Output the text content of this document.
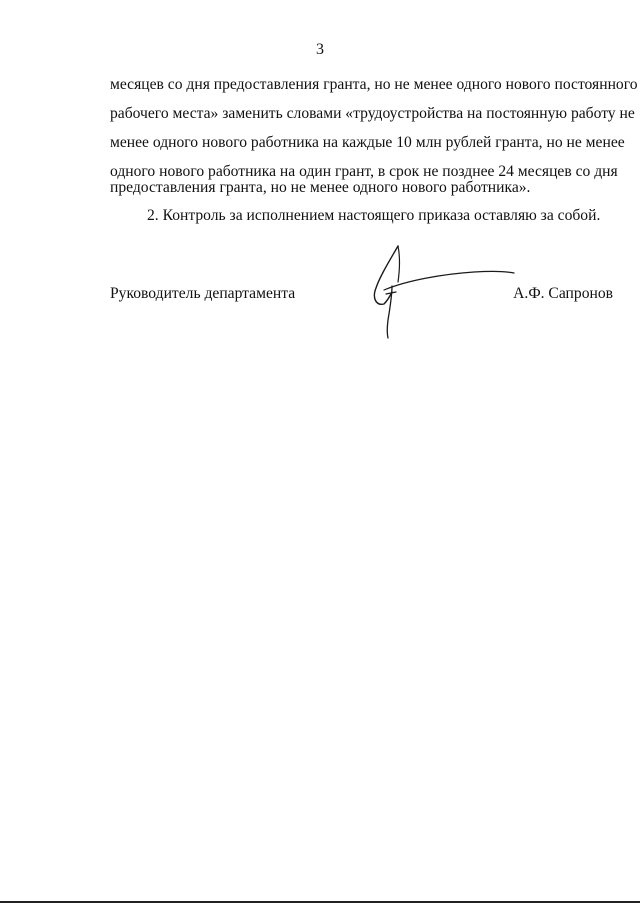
3
месяцев со дня предоставления гранта, но не менее одного нового постоянного
рабочего места» заменить словами «трудоустройства на постоянную работу не
менее одного нового работника на каждые 10 млн рублей гранта, но не менее
одного нового работника на один грант, в срок не позднее 24 месяцев со дня
предоставления гранта, но не менее одного нового работника».
2. Контроль за исполнением настоящего приказа оставляю за собой.
Руководитель департамента	А.Ф. Сапронов
